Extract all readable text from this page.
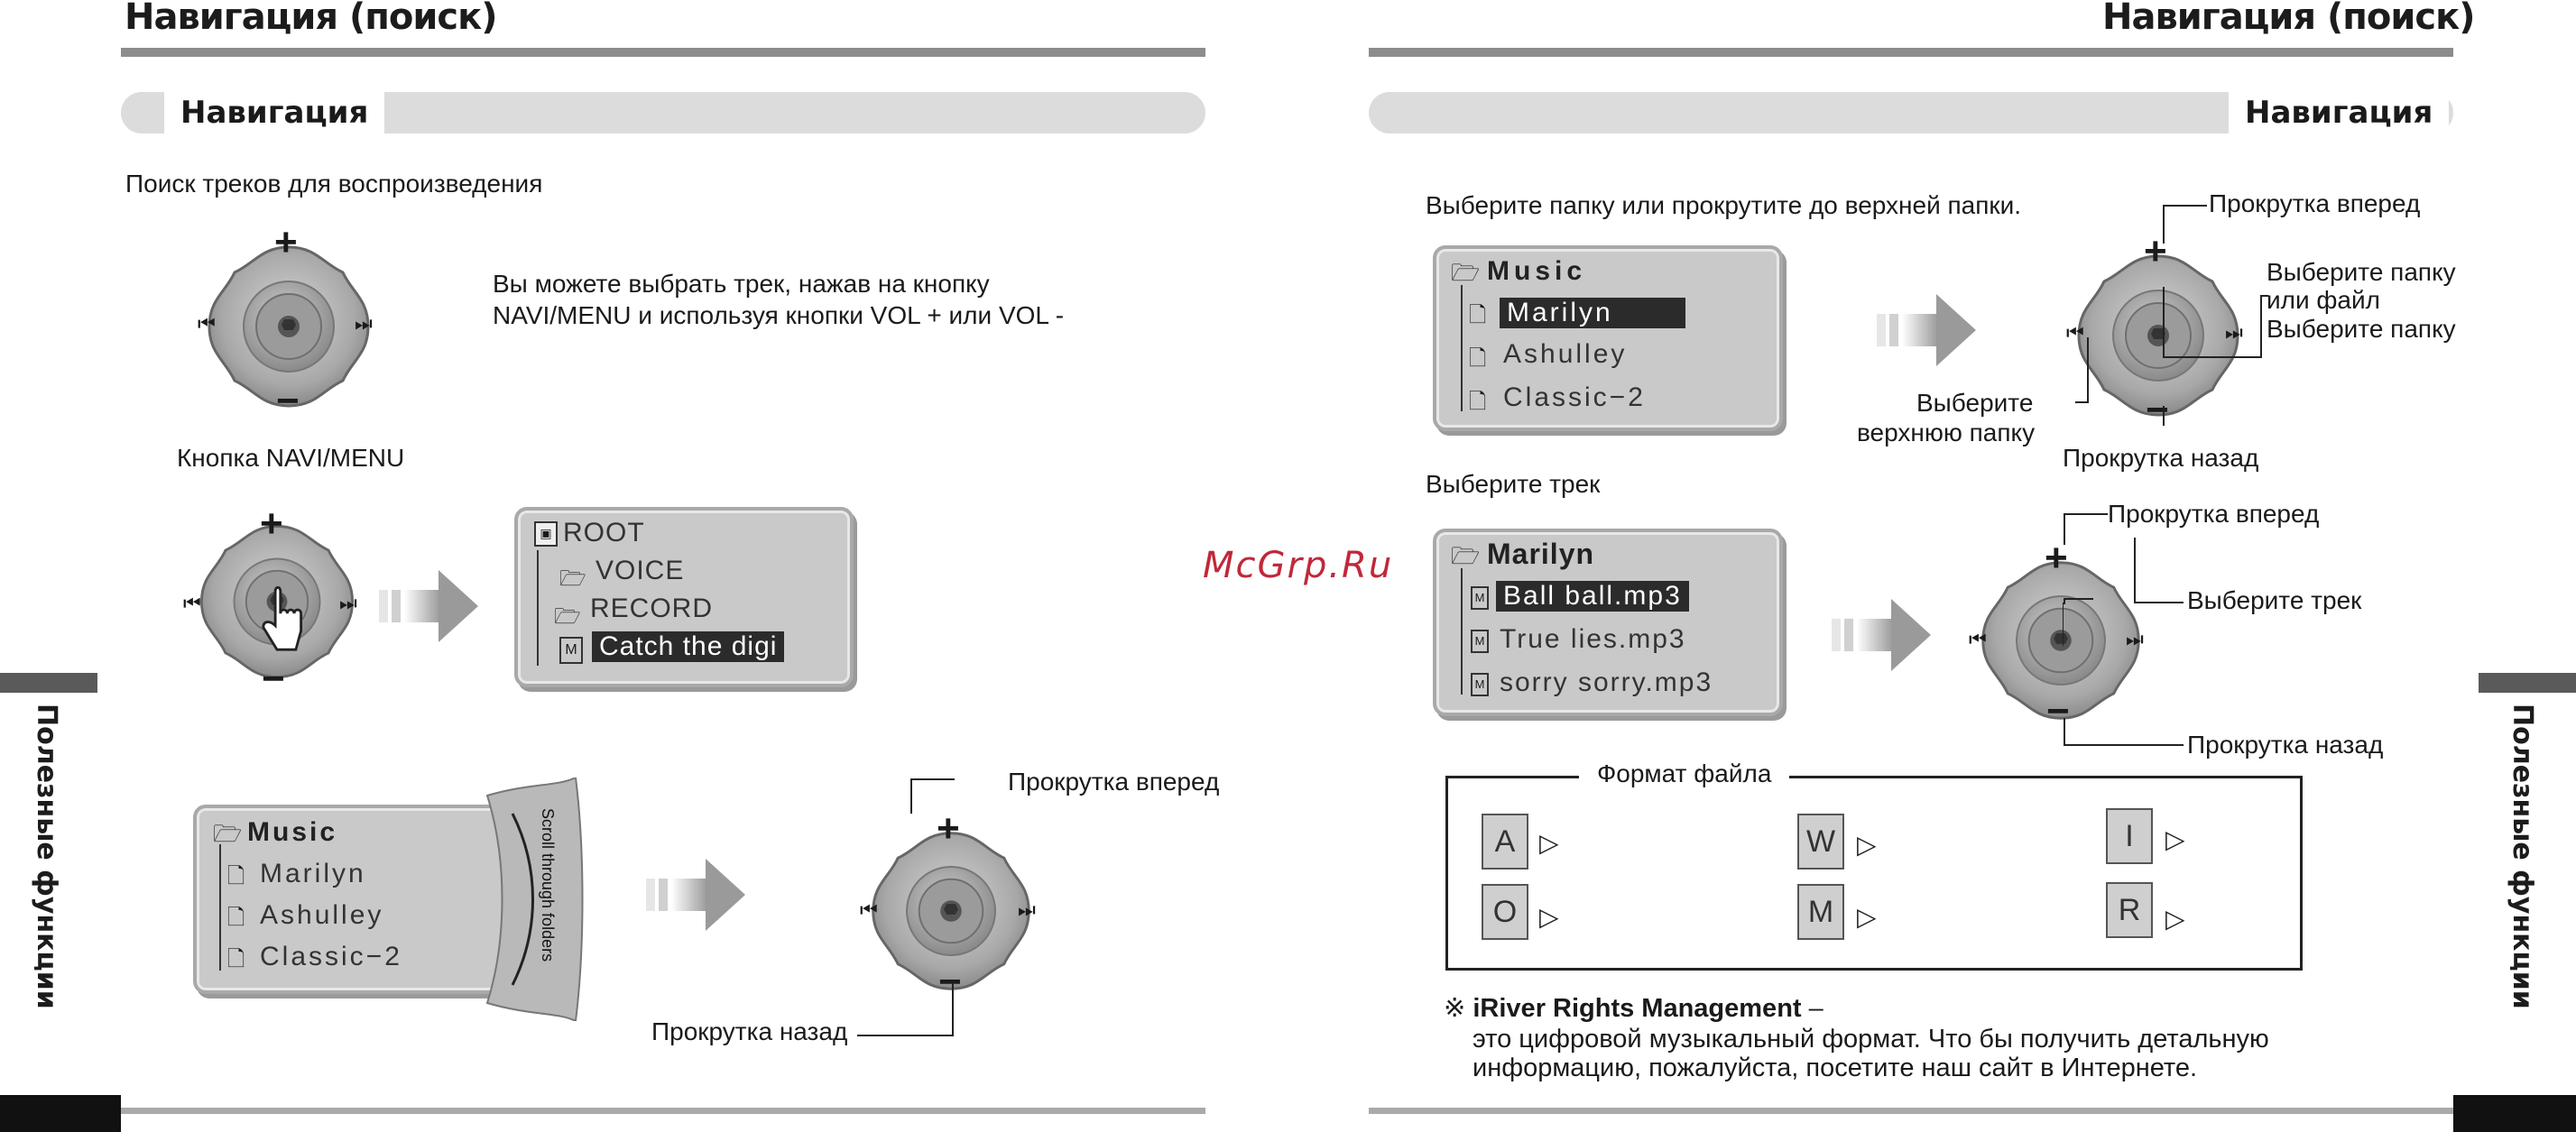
Навигация (поиск)
Навигация
Поиск треков для воспроизведения
+
−
⏮	⏭
Вы можете выбрать трек, нажав на кнопку
NAVI/MENU и используя кнопки VOL + или VOL -
Кнопка NAVI/MENU
+
−
⏮	⏭
▣ ROOT
🗁 VOICE
🗁 RECORD
M Catch the digi
🗁 Music
🗋 Marilyn
🗋 Ashulley
🗋 Classic−2	Scroll through folders	+
−
⏮	⏭
Прокрутка вперед
Прокрутка назад
Полезные функции
McGrp.Ru
Навигация (поиск)
Навигация
Выберите папку или прокрутите до верхней папки.
🗁 Music
🗋 Marilyn
🗋 Ashulley
🗋 Classic−2
+
−
⏮	⏭
Прокрутка вперед
Выберите папку
или файл
Выберите папку
Выберите
верхнюю папку
Прокрутка назад
Выберите трек
🗁 Marilyn
M Ball ball.mp3
M True lies.mp3
M sorry sorry.mp3
+
−
⏮	⏭
Прокрутка вперед
Выберите трек
Прокрутка назад
Формат файла
A ▷	W ▷	I	▷
O ▷	M ▷	R ▷
※ iRiver Rights Management –
это цифровой музыкальный формат. Что бы получить детальную
информацию, пожалуйста, посетите наш сайт в Интернете.
Полезные функции
